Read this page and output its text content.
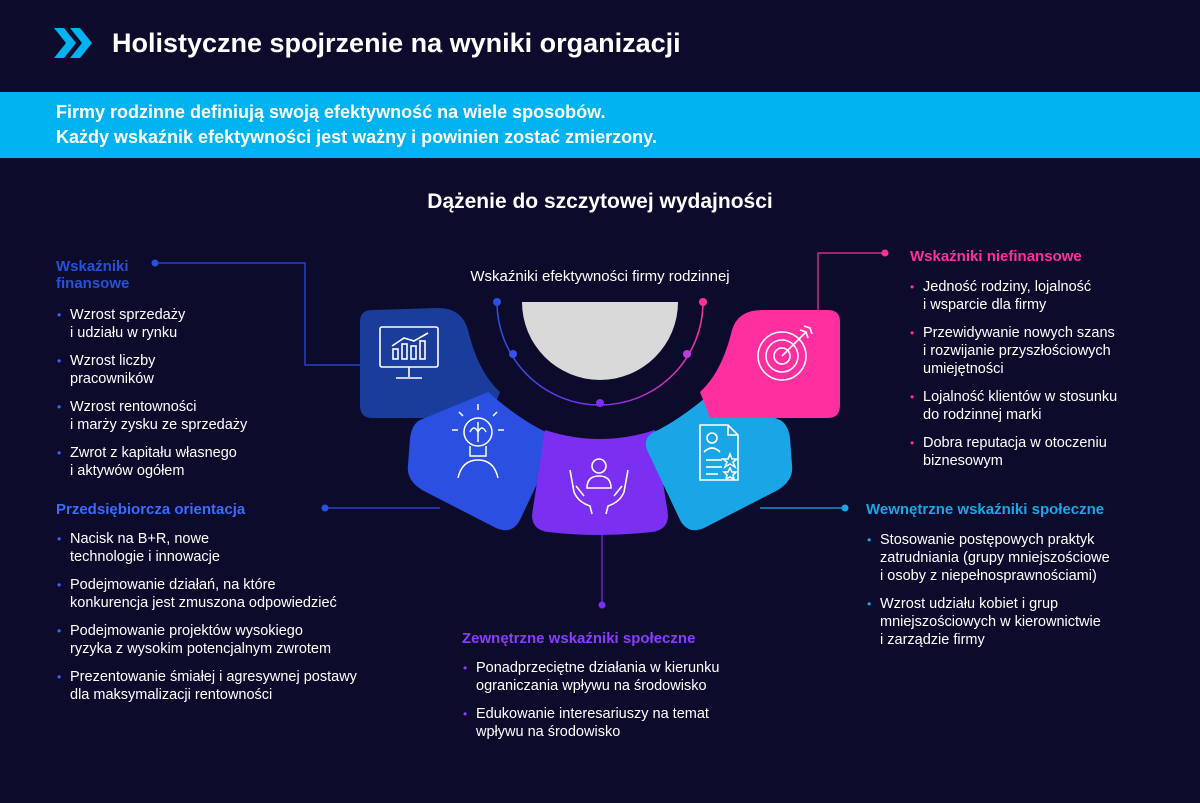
Holistyczne spojrzenie na wyniki organizacji
Firmy rodzinne definiują swoją efektywność na wiele sposobów.
Każdy wskaźnik efektywności jest ważny i powinien zostać zmierzony.
Dążenie do szczytowej wydajności
Wskaźniki efektywności firmy rodzinnej
Wskaźniki
finansowe
• Wzrost sprzedaży
i udziału w rynku
• Wzrost liczby
pracowników
• Wzrost rentowności
i marży zysku ze sprzedaży
• Zwrot z kapitału własnego
i aktywów ogółem
Przedsiębiorcza orientacja
• Nacisk na B+R, nowe
technologie i innowacje
• Podejmowanie działań, na które
konkurencja jest zmuszona odpowiedzieć
• Podejmowanie projektów wysokiego
ryzyka z wysokim potencjalnym zwrotem
• Prezentowanie śmiałej i agresywnej postawy
dla maksymalizacji rentowności
Zewnętrzne wskaźniki społeczne
• Ponadprzeciętne działania w kierunku
ograniczania wpływu na środowisko
• Edukowanie interesariuszy na temat
wpływu na środowisko
Wewnętrzne wskaźniki społeczne
• Stosowanie postępowych praktyk
zatrudniania (grupy mniejszościowe
i osoby z niepełnosprawnościami)
• Wzrost udziału kobiet i grup
mniejszościowych w kierownictwie
i zarządzie firmy
Wskaźniki niefinansowe
• Jedność rodziny, lojalność
i wsparcie dla firmy
• Przewidywanie nowych szans
i rozwijanie przyszłościowych
umiejętności
• Lojalność klientów w stosunku
do rodzinnej marki
• Dobra reputacja w otoczeniu
biznesowym
